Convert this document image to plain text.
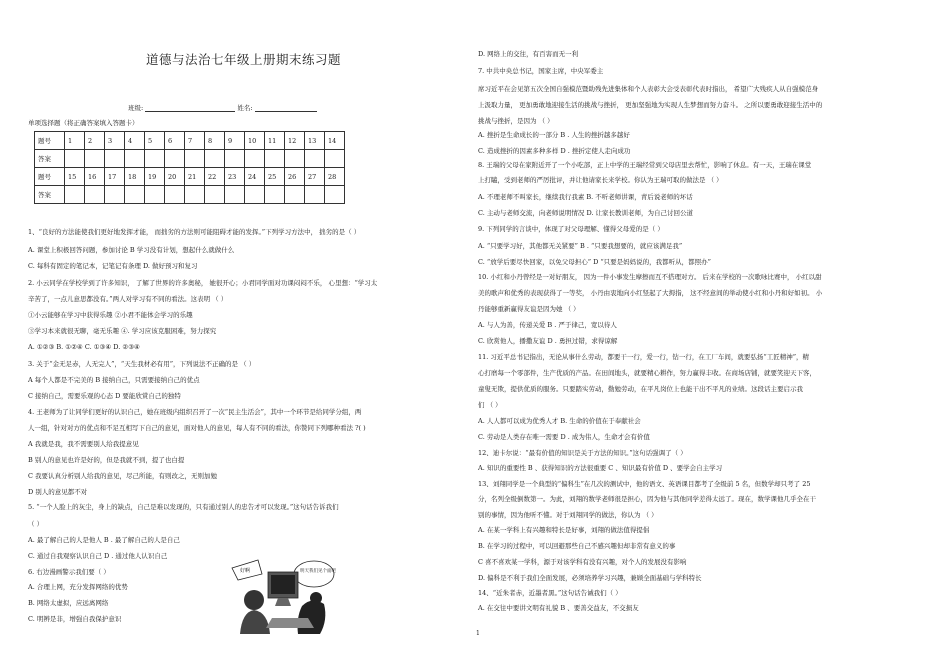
道德与法治七年级上册期末练习题
班级:	姓名:
单项选择题（将正确答案填入答题卡）
题号	1	2	3	4	5	6	7	8	9	10	11	12	13	14
答案														
题号	15	16	17	18	19	20	21	22	23	24	25	26	27	28
答案														
1、“良好的方法能使我们更好地发挥才能， 而拙劣的方法则可能阻碍才能的发挥。”下列学习方法中， 拙劣的是（ ）
A. 课堂上积极回答问题，参加讨论 B 学习没有计划，想起什么就做什么
C. 每科有固定的笔记本，记笔记有条理 D. 做好预习和复习
2. 小云同学在学校学到了许多知识， 了解了世界的许多奥秘， 她很开心；小君同学面对功课闷闷不乐， 心里想：“学习太
辛苦了，一点儿意思都没有。”两人对学习有不同的看法。这表明 （ ）
①小云能够在学习中获得乐趣 ②小君不能体会学习的乐趣
③学习本来就很无聊，毫无乐趣 ④. 学习应该克服困难，努力探究
A. ①②③ B. ①②④ C. ①③④ D. ②③④
3. 关于“金无足赤，人无完人”，“天生我材必有用”，下列说法不正确的是 （ ）
A 每个人都是不完美的 B 接纳自己，只需要接纳自己的优点
C 接纳自己，需要乐观的心态 D 要能欣赏自己的独特
4. 王老师为了让同学们更好的认识自己，她在班级内组织召开了一次“民主生活会”，其中一个环节是给同学分组，两
人一组，针对对方的优点和不足互相写下自己的意见，面对他人的意见，每人有不同的看法，你赞同下列哪种看法 ?( )
A 我就是我，我不需要别人给我提意见
B 别人的意见也许是好的，但是我就不到，提了也白提
C 我要认真分析别人给我的意见，尽己所能，有则改之，无则加勉
D 别人的意见都不对
5. “一个人脸上的灰尘，身上的缺点，自己是难以发现的，只有通过别人的忠告才可以发现。”这句话告诉我们
（ ）
A. 最了解自己的人是他人 B . 最了解自己的人是自己
C. 通过自我观察认识自己 D . 通过他人认识自己
6. 右边漫画警示我们要（ ）
A. 合理上网，充分发挥网络的优势
B. 网络太虚拟，应远离网络
C. 明辨是非，增强自我保护意识
好啊	明天我们见个面吧
D. 网络上的交往，有百害而无一利
7. 中共中央总书记，国家主席，中央军委主
席习近平在会见第五次全国自强模范暨助残先进集体和个人表彰大会受表彰代表时指出， 希望广大残疾人从自强模范身
上汲取力量， 更加勇敢地迎接生活的挑战与挫折， 更加坚强地为实现人生梦想而努力奋斗。 之所以要勇敢迎接生活中的
挑战与挫折，是因为 （ ）
A. 挫折是生命成长的一部分 B . 人生的挫折越多越好
C. 造成挫折的因素多种多样 D . 挫折定使人走向成功
8. 王瑞的父母在家附近开了一个小吃部，正上中学的王瑞经常到父母店里去帮忙，影响了休息。有一天，王瑞在课堂
上打瞌，受到老师的严厉批评，并让他请家长来学校。你认为王瑞可取的做法是 （ ）
A. 不理老师不叫家长，继续我行我素 B. 不听老师讲课，青后说老师的坏话
C. 主动与老师交流，向老师说明情况 D. 让家长教训老师，为自己讨回公道
9. 下列同学的言谈中，体现了对父母理解、懂得父母爱的是（ ）
A. “只要学习好，其他都无关紧要” B . “只要我想要的，就应该满足我”
C. “放学后要尽快回家，以免父母担心” D “只要是妈妈说的，我都听从，都照办”
10. 小红和小丹曾经是一对好朋友， 因为一件小事发生摩擦而互不搭理对方。 后来在学校的一次歌咏比赛中， 小红以甜
美的歌声和优秀的表现获得了一等奖， 小丹由衷地向小红竖起了大拇指， 这不经意间的举动使小红和小丹和好如初。 小
丹能够重新赢得友谊是因为她 （ ）
A. 与人为善，传递关爱 B . 严于律己，宽以待人
C. 欣赏他人，播撒友谊 D . 勇担过错，求得谅解
11. 习近平总书记指出，无论从事什么劳动，都要干一行，爱一行，钻一行，在工厂车间，就要弘扬“工匠精神”，精
心打磨每一个零部件，生产优质的产品。在田间地头，就要精心耕作，努力赢得丰收。在商场店铺，就要笑迎天下客，
童叟无欺，提供优质的服务。只要踏实劳动，勤勉劳动，在平凡岗位上也能干出不平凡的业绩。这段话主要启示我
们 （ ）
A. 人人都可以成为优秀人才 B. 生命的价值在于奉献社会
C. 劳动是人类存在唯一需要 D . 成为伟人，生命才会有价值
12、迪卡尔说：“最有价值的知识是关于方法的知识。”这句话强调了（ ）
A. 知识的重要性 B 、获得知识的方法很重要 C 、知识最有价值 D 、要学会自主学习
13、刘翔同学是一个典型的“偏科生”在几次的测试中，他的语文、英语课目都考了全级前 5 名，但数学却只考了 25
分，名列全级倒数第一。为此，刘翔的数学老师很是担心，因为他与其他同学差得太远了。现在，数学课他几乎全在干
别的事情，因为他听不懂。对于刘翔同学的做法，你认为 （ ）
A. 在某一学科上有兴趣和特长是好事，刘翔的做法值得提倡
B. 在学习的过程中，可以回避那些自己不感兴趣但却非常有意义的事
C 喜不喜欢某一学科，源于对该学科有没有兴趣，对个人的发展没有影响
D. 偏科是不利于我们全面发展，必须培养学习兴趣，兼顾全面基础与学科特长
14、“近朱者赤，近墨者黑。”这句话告诫我们（ ）
A. 在交往中要讲文明有礼貌 B 、要善交益友，不交损友
1
